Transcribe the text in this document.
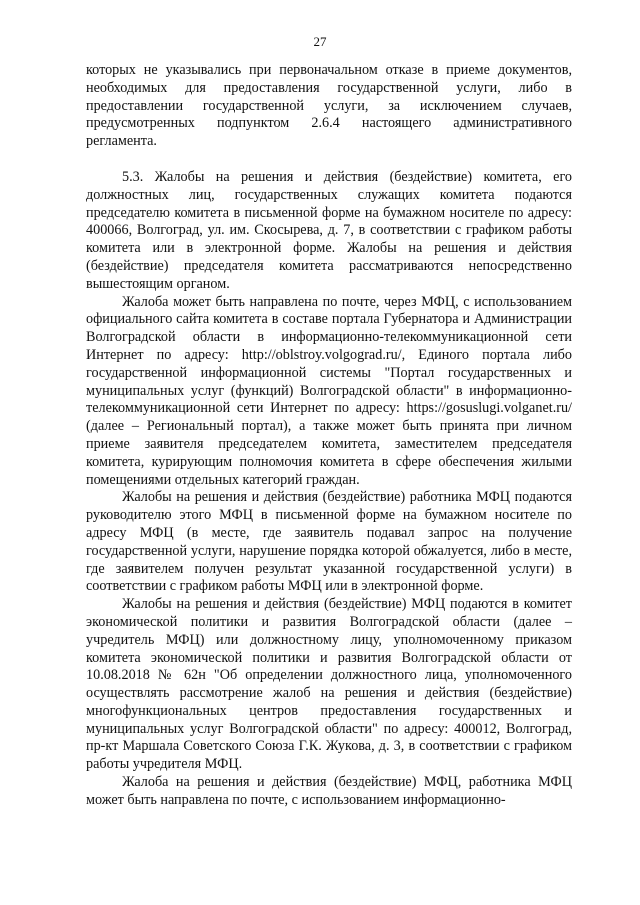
27

которых не указывались при первоначальном отказе в приеме документов, необходимых для предоставления государственной услуги, либо в предоставлении государственной услуги, за исключением случаев, предусмотренных подпунктом 2.6.4 настоящего административного регламента.

5.3. Жалобы на решения и действия (бездействие) комитета, его должностных лиц, государственных служащих комитета подаются председателю комитета в письменной форме на бумажном носителе по адресу: 400066, Волгоград, ул. им. Скосырева, д. 7, в соответствии с графиком работы комитета или в электронной форме. Жалобы на решения и действия (бездействие) председателя комитета рассматриваются непосредственно вышестоящим органом.

Жалоба может быть направлена по почте, через МФЦ, с использованием официального сайта комитета в составе портала Губернатора и Администрации Волгоградской области в информационно-телекоммуникационной сети Интернет по адресу: http://oblstroy.volgograd.ru/, Единого портала либо государственной информационной системы "Портал государственных и муниципальных услуг (функций) Волгоградской области" в информационно-телекоммуникационной сети Интернет по адресу: https://gosuslugi.volganet.ru/ (далее – Региональный портал), а также может быть принята при личном приеме заявителя председателем комитета, заместителем председателя комитета, курирующим полномочия комитета в сфере обеспечения жилыми помещениями отдельных категорий граждан.

Жалобы на решения и действия (бездействие) работника МФЦ подаются руководителю этого МФЦ в письменной форме на бумажном носителе по адресу МФЦ (в месте, где заявитель подавал запрос на получение государственной услуги, нарушение порядка которой обжалуется, либо в месте, где заявителем получен результат указанной государственной услуги) в соответствии с графиком работы МФЦ или в электронной форме.

Жалобы на решения и действия (бездействие) МФЦ подаются в комитет экономической политики и развития Волгоградской области (далее – учредитель МФЦ) или должностному лицу, уполномоченному приказом комитета экономической политики и развития Волгоградской области от 10.08.2018 № 62н "Об определении должностного лица, уполномоченного осуществлять рассмотрение жалоб на решения и действия (бездействие) многофункциональных центров предоставления государственных и муниципальных услуг Волгоградской области" по адресу: 400012, Волгоград, пр-кт Маршала Советского Союза Г.К. Жукова, д. 3, в соответствии с графиком работы учредителя МФЦ.

Жалоба на решения и действия (бездействие) МФЦ, работника МФЦ может быть направлена по почте, с использованием информационно-
